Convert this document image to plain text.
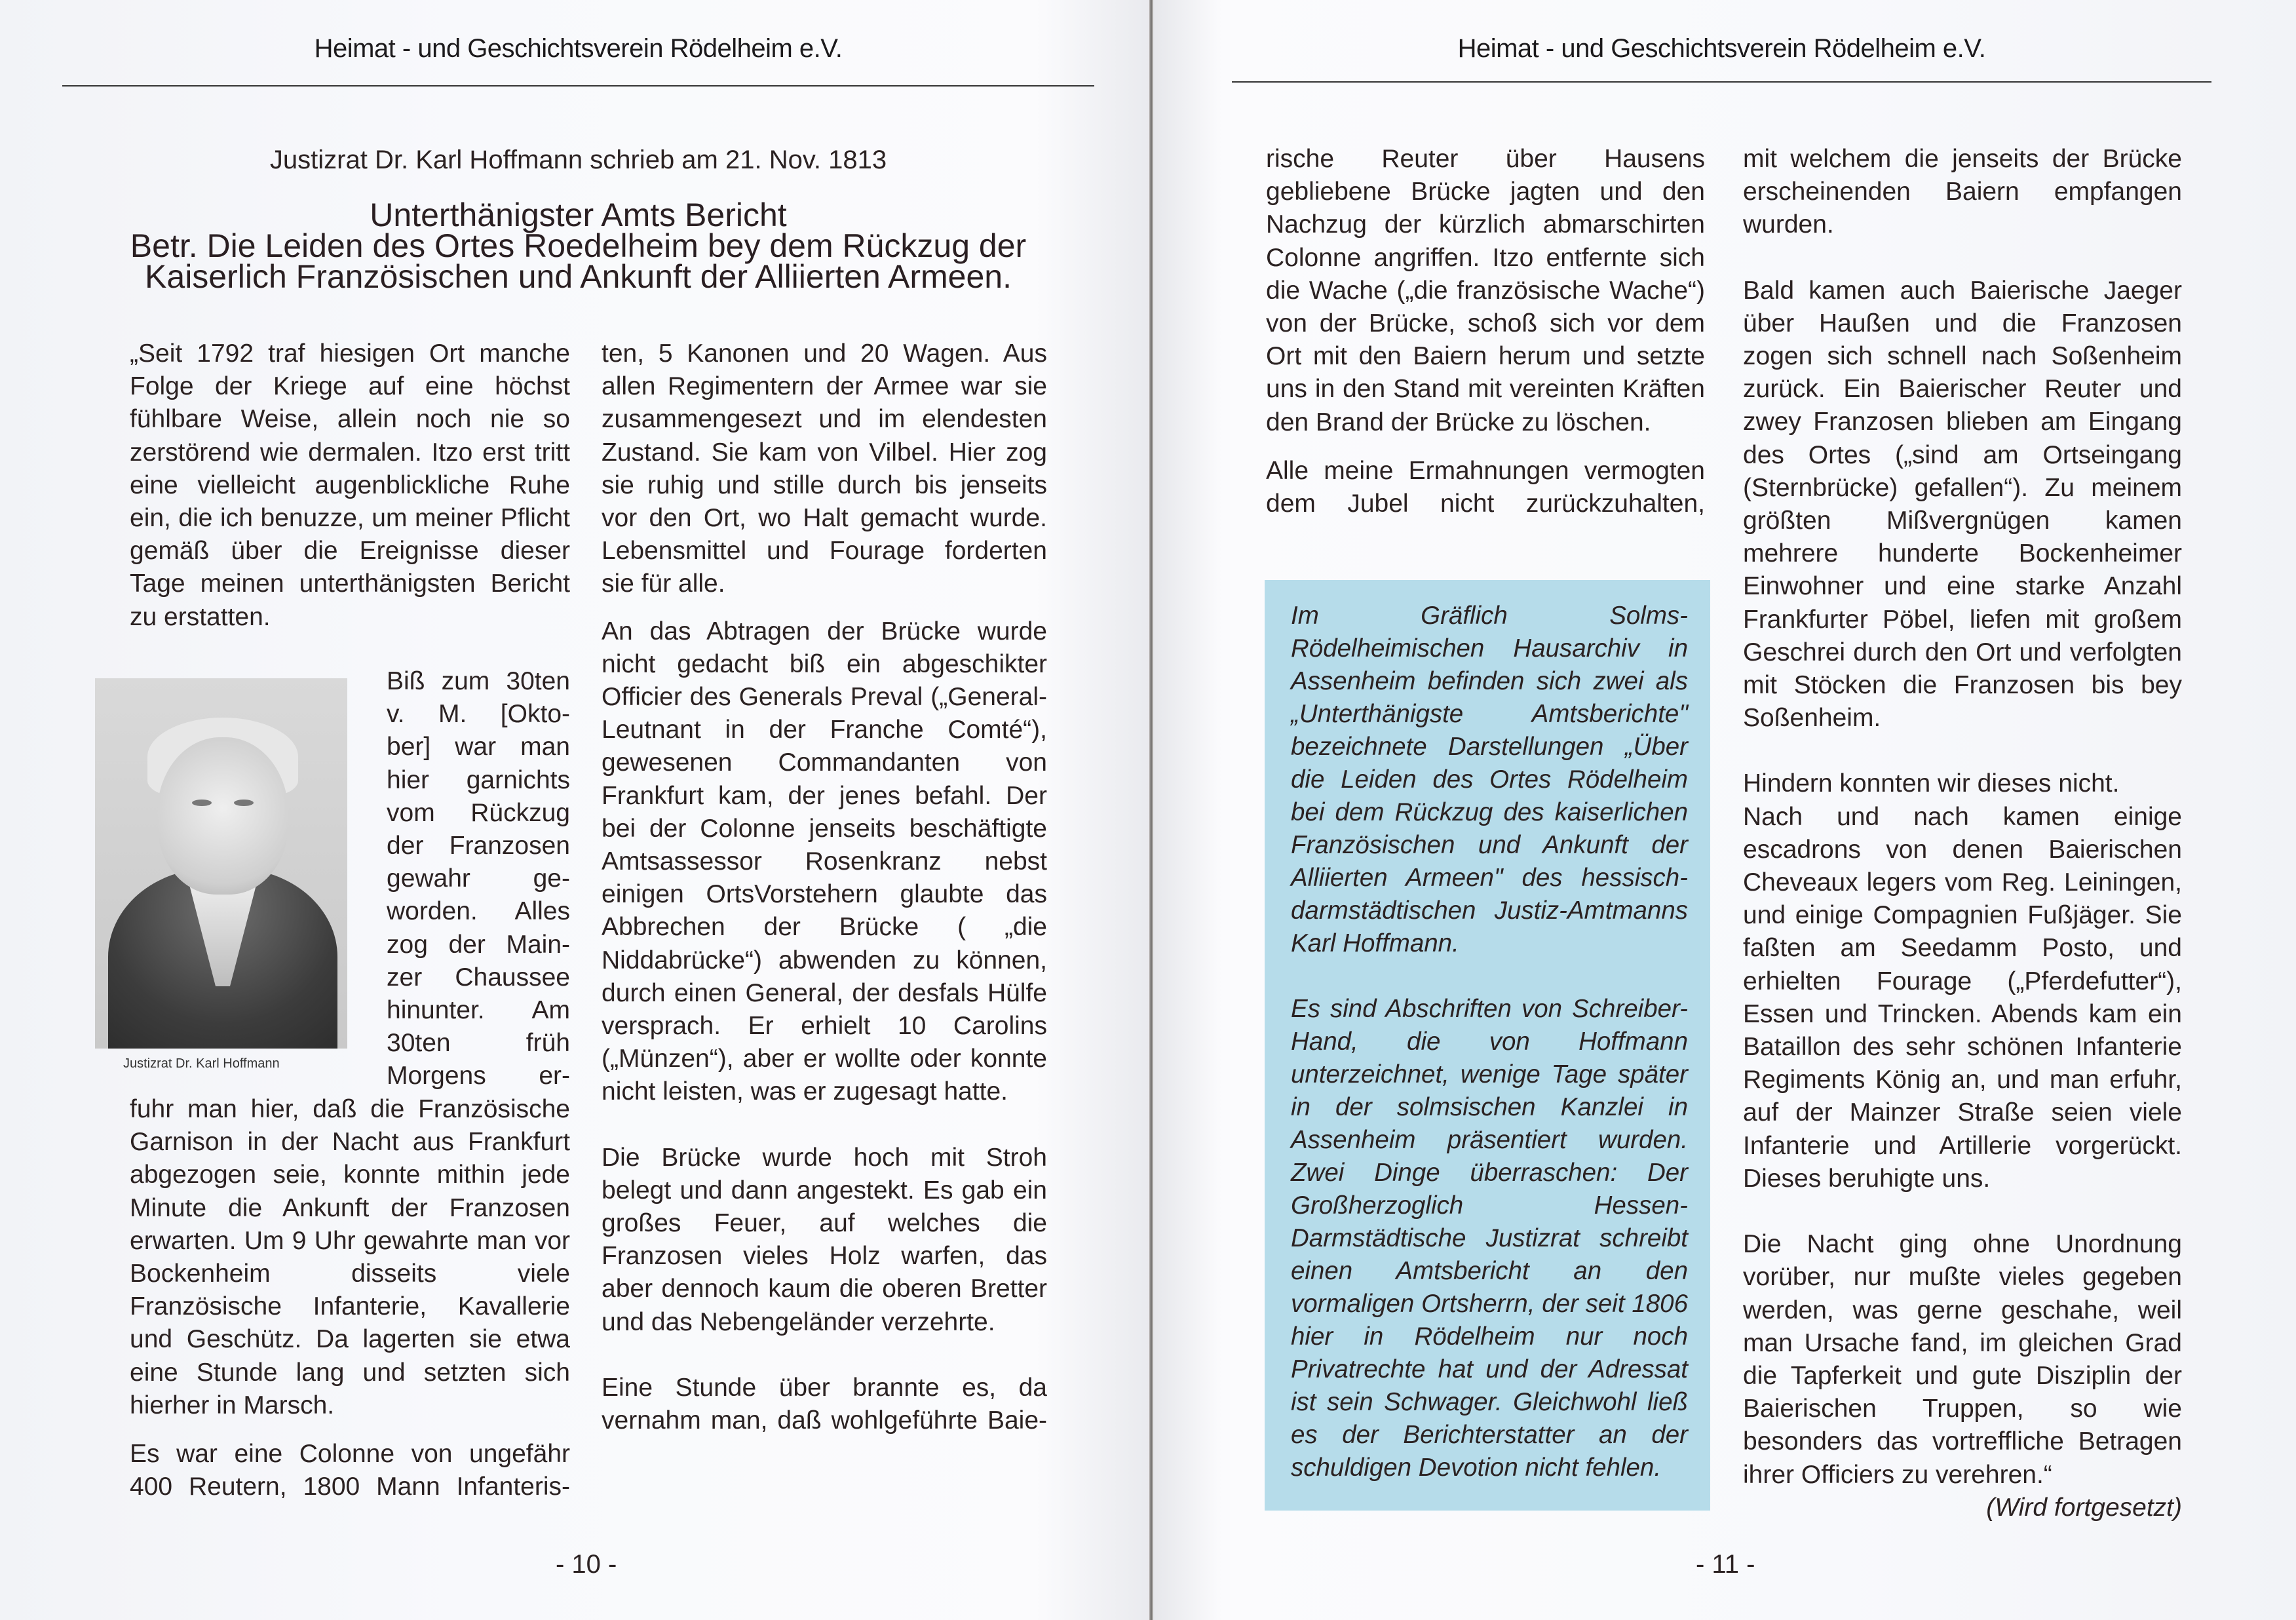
Heimat - und Geschichtsverein Rödelheim e.V.
Justizrat Dr. Karl Hoffmann schrieb am 21. Nov. 1813
Unterthänigster Amts Bericht
Betr. Die Leiden des Ortes Roedelheim bey dem Rückzug der
Kaiserlich Französischen und Ankunft der Alliierten Armeen.

„Seit 1792 traf hiesigen Ort manche Folge der Kriege auf eine höchst fühlbare Weise, allein noch nie so zerstörend wie dermalen. Itzo erst tritt eine vielleicht augenblickliche Ruhe ein, die ich benuzze, um meiner Pflicht gemäß über die Ereignisse dieser Tage meinen unterthänigsten Bericht zu erstatten.

Justizrat Dr. Karl Hoffmann
Biß zum 30ten
v. M. [Okto-
ber] war man
hier garnichts
vom Rückzug
der Franzosen
gewahr ge-
worden. Alles
zog der Main-
zer Chaussee
hinunter. Am
30ten früh
Morgens er-

fuhr man hier, daß die Französische Garnison in der Nacht aus Frankfurt abgezogen seie, konnte mithin jede Minute die Ankunft der Franzosen erwarten. Um 9 Uhr gewahrte man vor Bockenheim disseits viele Französische Infanterie, Kavallerie und Geschütz. Da lagerten sie etwa eine Stunde lang und setzten sich hierher in Marsch.

Es war eine Colonne von ungefähr 400 Reutern, 1800 Mann Infanteris-

ten, 5 Kanonen und 20 Wagen. Aus allen Regimentern der Armee war sie zusammengesezt und im elendesten Zustand. Sie kam von Vilbel. Hier zog sie ruhig und stille durch bis jenseits vor den Ort, wo Halt gemacht wurde. Lebensmittel und Fourage forderten sie für alle.

An das Abtragen der Brücke wurde nicht gedacht biß ein abgeschikter Officier des Generals Preval („General-Leutnant in der Franche Comté“), gewesenen Commandanten von Frankfurt kam, der jenes befahl. Der bei der Colonne jenseits beschäftigte Amtsassessor Rosenkranz nebst einigen OrtsVorstehern glaubte das Abbrechen der Brücke ( „die Niddabrücke“) abwenden zu können, durch einen General, der desfals Hülfe versprach. Er erhielt 10 Carolins („Münzen“), aber er wollte oder konnte nicht leisten, was er zugesagt hatte.

Die Brücke wurde hoch mit Stroh belegt und dann angestekt. Es gab ein großes Feuer, auf welches die Franzosen vieles Holz warfen, das aber dennoch kaum die oberen Bretter und das Nebengeländer verzehrte.

Eine Stunde über brannte es, da vernahm man, daß wohlgeführte Baie-

- 10 -
Heimat - und Geschichtsverein Rödelheim e.V.

rische Reuter über Hausens gebliebene Brücke jagten und den Nachzug der kürzlich abmarschirten Colonne angriffen. Itzo entfernte sich die Wache („die französische Wache“) von der Brücke, schoß sich vor dem Ort mit den Baiern herum und setzte uns in den Stand mit vereinten Kräften den Brand der Brücke zu löschen.

Alle meine Ermahnungen vermogten dem Jubel nicht zurückzuhalten,

Im Gräflich Solms-Rödelheimischen Hausarchiv in Assenheim befinden sich zwei als „Unterthänigste Amtsberichte" bezeichnete Darstellungen „Über die Leiden des Ortes Rödelheim bei dem Rückzug des kaiserlichen Französischen und Ankunft der Alliierten Armeen" des hessisch-darmstädtischen Justiz-Amtmanns Karl Hoffmann.

Es sind Abschriften von Schreiber-Hand, die von Hoffmann unterzeichnet, wenige Tage später in der solmsischen Kanzlei in Assenheim präsentiert wurden. Zwei Dinge überraschen: Der Großherzoglich Hessen-Darmstädtische Justizrat schreibt einen Amtsbericht an den vormaligen Ortsherrn, der seit 1806 hier in Rödelheim nur noch Privatrechte hat und der Adressat ist sein Schwager. Gleichwohl ließ es der Berichterstatter an der schuldigen Devotion nicht fehlen.

mit welchem die jenseits der Brücke erscheinenden Baiern empfangen wurden.

Bald kamen auch Baierische Jaeger über Haußen und die Franzosen zogen sich schnell nach Soßenheim zurück. Ein Baierischer Reuter und zwey Franzosen blieben am Eingang des Ortes („sind am Ortseingang (Sternbrücke) gefallen“). Zu meinem größten Mißvergnügen kamen mehrere hunderte Bockenheimer Einwohner und eine starke Anzahl Frankfurter Pöbel, liefen mit großem Geschrei durch den Ort und verfolgten mit Stöcken die Franzosen bis bey Soßenheim.

Hindern konnten wir dieses nicht.

Nach und nach kamen einige escadrons von denen Baierischen Cheveaux legers vom Reg. Leiningen, und einige Compagnien Fußjäger. Sie faßten am Seedamm Posto, und erhielten Fourage („Pferdefutter“), Essen und Trincken. Abends kam ein Bataillon des sehr schönen Infanterie Regiments König an, und man erfuhr, auf der Mainzer Straße seien viele Infanterie und Artillerie vorgerückt. Dieses beruhigte uns.

Die Nacht ging ohne Unordnung vorüber, nur mußte vieles gegeben werden, was gerne geschahe, weil man Ursache fand, im gleichen Grad die Tapferkeit und gute Disziplin der Baierischen Truppen, so wie besonders das vortreffliche Betragen ihrer Officiers zu verehren.“

(Wird fortgesetzt)

- 11 -
